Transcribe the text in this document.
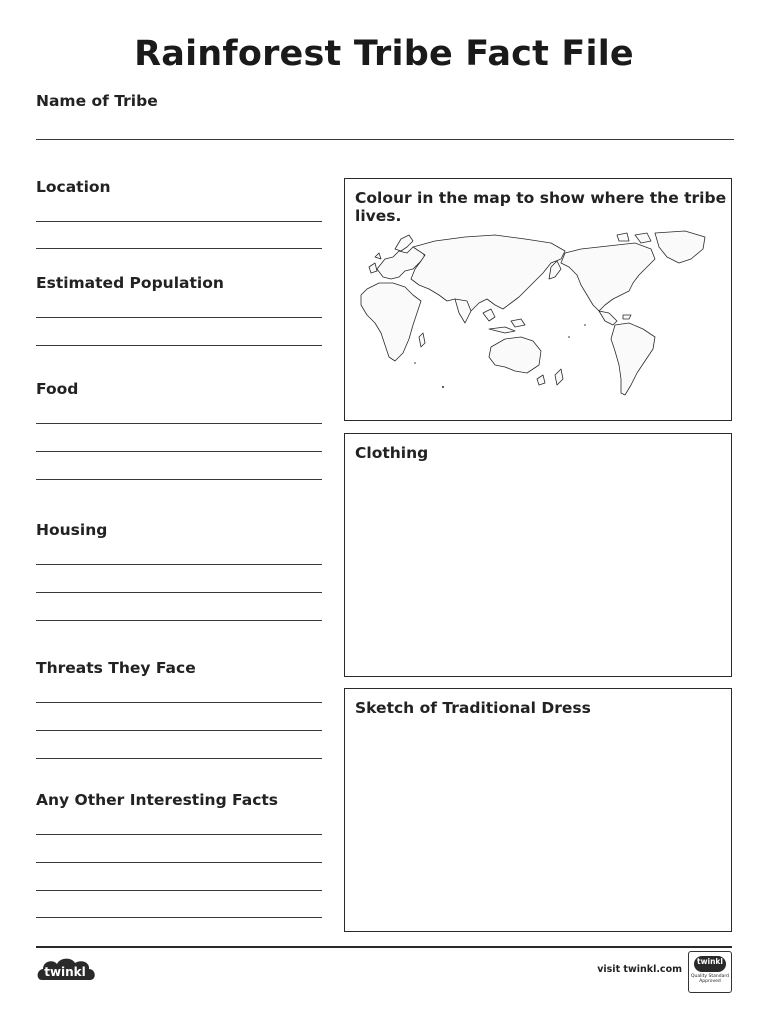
Rainforest Tribe Fact File
Name of Tribe
Location
Estimated Population
Food
Housing
Threats They Face
Any Other Interesting Facts
Colour in the map to show where the tribe lives.
Clothing
Sketch of Traditional Dress
twinkl	visit twinkl.com
twinkl
Quality Standard Approved
